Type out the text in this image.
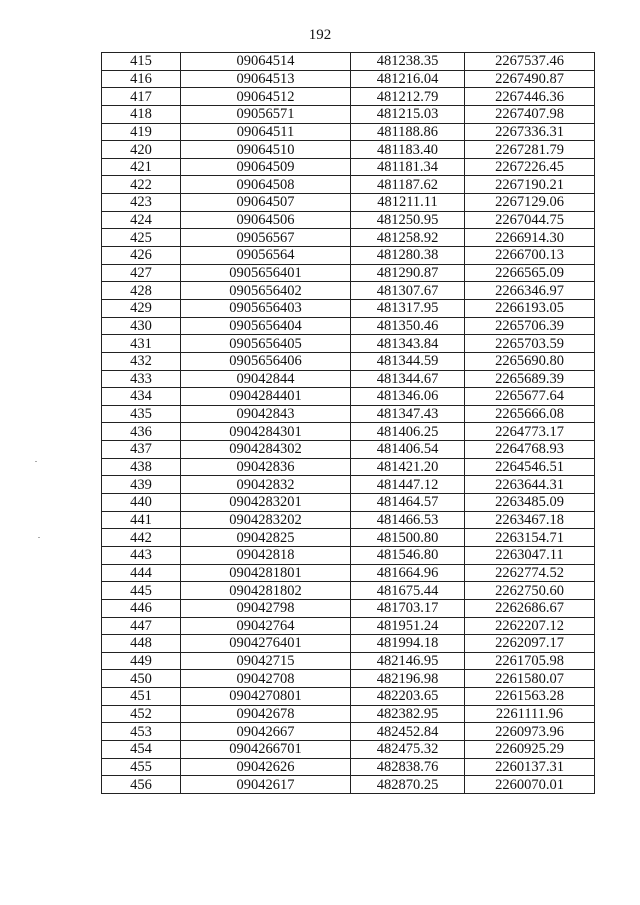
192
415	09064514	481238.35	2267537.46
416	09064513	481216.04	2267490.87
417	09064512	481212.79	2267446.36
418	09056571	481215.03	2267407.98
419	09064511	481188.86	2267336.31
420	09064510	481183.40	2267281.79
421	09064509	481181.34	2267226.45
422	09064508	481187.62	2267190.21
423	09064507	481211.11	2267129.06
424	09064506	481250.95	2267044.75
425	09056567	481258.92	2266914.30
426	09056564	481280.38	2266700.13
427	0905656401	481290.87	2266565.09
428	0905656402	481307.67	2266346.97
429	0905656403	481317.95	2266193.05
430	0905656404	481350.46	2265706.39
431	0905656405	481343.84	2265703.59
432	0905656406	481344.59	2265690.80
433	09042844	481344.67	2265689.39
434	0904284401	481346.06	2265677.64
435	09042843	481347.43	2265666.08
436	0904284301	481406.25	2264773.17
437	0904284302	481406.54	2264768.93
438	09042836	481421.20	2264546.51
439	09042832	481447.12	2263644.31
440	0904283201	481464.57	2263485.09
441	0904283202	481466.53	2263467.18
442	09042825	481500.80	2263154.71
443	09042818	481546.80	2263047.11
444	0904281801	481664.96	2262774.52
445	0904281802	481675.44	2262750.60
446	09042798	481703.17	2262686.67
447	09042764	481951.24	2262207.12
448	0904276401	481994.18	2262097.17
449	09042715	482146.95	2261705.98
450	09042708	482196.98	2261580.07
451	0904270801	482203.65	2261563.28
452	09042678	482382.95	2261111.96
453	09042667	482452.84	2260973.96
454	0904266701	482475.32	2260925.29
455	09042626	482838.76	2260137.31
456	09042617	482870.25	2260070.01
